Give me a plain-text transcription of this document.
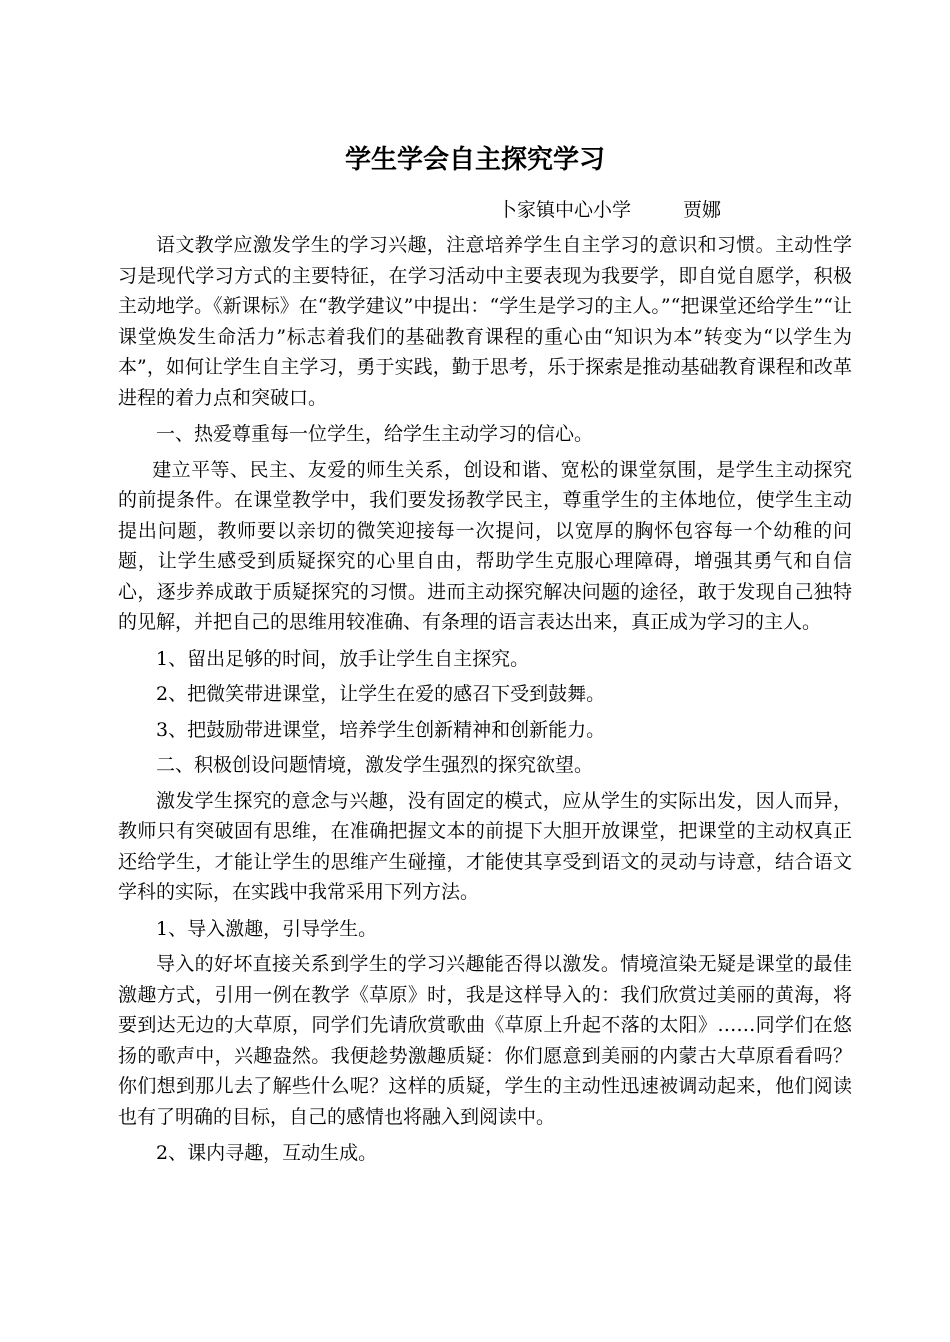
学生学会自主探究学习
卜家镇中心小学	贾娜

语文教学应激发学生的学习兴趣，注意培养学生自主学习的意识和习惯。主动性学习是现代学习方式的主要特征，在学习活动中主要表现为我要学，即自觉自愿学，积极主动地学。《新课标》在“教学建议”中提出：“学生是学习的主人。”“把课堂还给学生”“让课堂焕发生命活力”标志着我们的基础教育课程的重心由“知识为本”转变为“以学生为本”，如何让学生自主学习，勇于实践，勤于思考，乐于探索是推动基础教育课程和改革进程的着力点和突破口。

一、热爱尊重每一位学生，给学生主动学习的信心。

建立平等、民主、友爱的师生关系，创设和谐、宽松的课堂氛围，是学生主动探究的前提条件。在课堂教学中，我们要发扬教学民主，尊重学生的主体地位，使学生主动提出问题，教师要以亲切的微笑迎接每一次提问，以宽厚的胸怀包容每一个幼稚的问题，让学生感受到质疑探究的心里自由，帮助学生克服心理障碍，增强其勇气和自信心，逐步养成敢于质疑探究的习惯。进而主动探究解决问题的途径，敢于发现自己独特的见解，并把自己的思维用较准确、有条理的语言表达出来，真正成为学习的主人。

1、留出足够的时间，放手让学生自主探究。

2、把微笑带进课堂，让学生在爱的感召下受到鼓舞。

3、把鼓励带进课堂，培养学生创新精神和创新能力。

二、积极创设问题情境，激发学生强烈的探究欲望。

激发学生探究的意念与兴趣，没有固定的模式，应从学生的实际出发，因人而异，教师只有突破固有思维，在准确把握文本的前提下大胆开放课堂，把课堂的主动权真正还给学生，才能让学生的思维产生碰撞，才能使其享受到语文的灵动与诗意，结合语文学科的实际，在实践中我常采用下列方法。

1、导入激趣，引导学生。

导入的好坏直接关系到学生的学习兴趣能否得以激发。情境渲染无疑是课堂的最佳激趣方式，引用一例在教学《草原》时，我是这样导入的：我们欣赏过美丽的黄海，将要到达无边的大草原，同学们先请欣赏歌曲《草原上升起不落的太阳》……同学们在悠扬的歌声中，兴趣盎然。我便趁势激趣质疑：你们愿意到美丽的内蒙古大草原看看吗？你们想到那儿去了解些什么呢？这样的质疑，学生的主动性迅速被调动起来，他们阅读也有了明确的目标，自己的感情也将融入到阅读中。

2、课内寻趣，互动生成。
